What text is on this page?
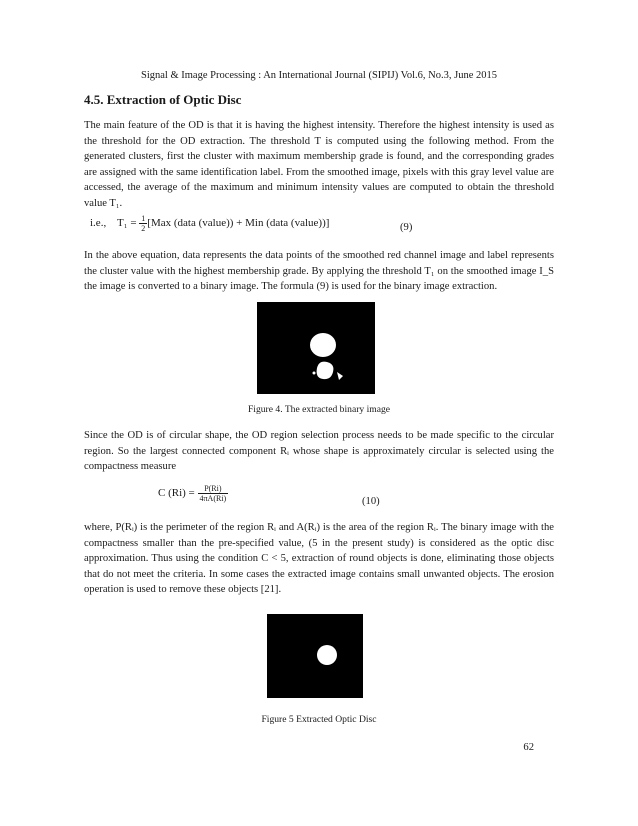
Signal & Image Processing : An International Journal (SIPIJ) Vol.6, No.3, June 2015
4.5. Extraction of Optic Disc

The main feature of the OD is that it is having the highest intensity. Therefore the highest intensity is used as the threshold for the OD extraction. The threshold T is computed using the following method. From the generated clusters, first the cluster with maximum membership grade is found, and the corresponding grades are assigned with the same identification label. From the smoothed image, pixels with this gray level value are accessed, the average of the maximum and minimum intensity values are computed to obtain the threshold value T₁.

i.e., $T_1 = \frac{1}{2} [Max$ (data (value)) + Min (data (value))]	(9)

In the above equation, data represents the data points of the smoothed red channel image and label represents the cluster value with the highest membership grade. By applying the threshold T₁ on the smoothed image I_S the image is converted to a binary image. The formula (9) is used for the binary image extraction.

Figure 4. The extracted binary image

Since the OD is of circular shape, the OD region selection process needs to be made specific to the circular region. So the largest connected component Rᵢ whose shape is approximately circular is selected using the compactness measure

C $(Ri) = \frac{P(Ri)}{4\pi A(Ri)}$	(10)

where, P(Rᵢ) is the perimeter of the region Rᵢ and A(Rᵢ) is the area of the region Rᵢ. The binary image with the compactness smaller than the pre-specified value, (5 in the present study) is considered as the optic disc approximation. Thus using the condition C < 5, extraction of round objects is done, eliminating those objects that do not meet the criteria. In some cases the extracted image contains small unwanted objects. The erosion operation is used to remove these objects [21].

Figure 5 Extracted Optic Disc
62
